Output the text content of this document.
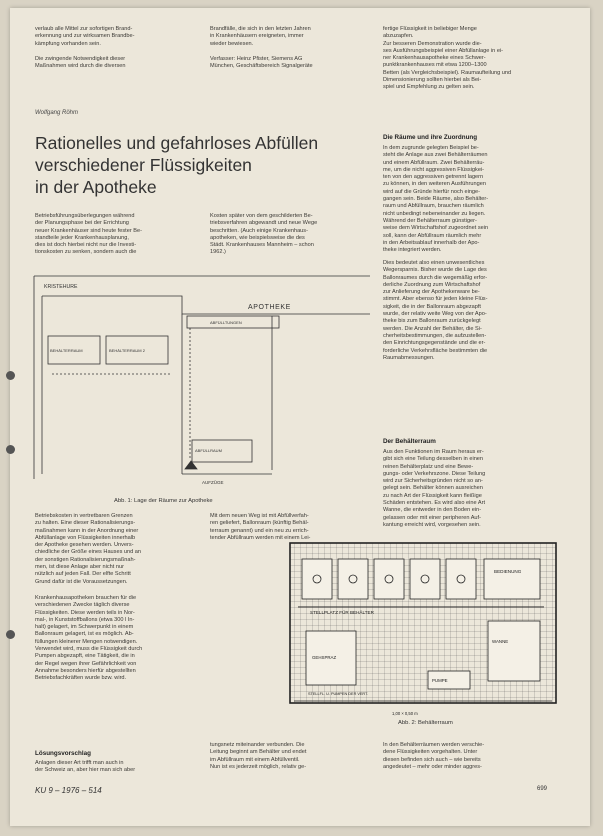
verlaub alle Mittel zur sofortigen Brand-
erkennung und zur wirksamen Brandbe-
kämpfung vorhanden sein.

Die zwingende Notwendigkeit dieser
Maßnahmen wird durch die diversen

Brandfälle, die sich in den letzten Jahren
in Krankenhäusern ereigneten, immer
wieder bewiesen.

Verfasser: Heinz Pfister, Siemens AG
München, Geschäftsbereich Signalgeräte

fertige Flüssigkeit in beliebiger Menge
abzuzapfen.
Zur besseren Demonstration wurde die-
ses Ausführungsbeispiel einer Abfüllanlage in ei-
ner Krankenhausapotheke eines Schwer-
punktkrankenhauses mit etwa 1200–1300
Betten (als Vergleichsbeispiel). Raumaufteilung und
Dimensionierung sollten hierbei als Bei-
spiel und Empfehlung zu gelten sein.

Wolfgang Röhm
Rationelles und gefahrloses Abfüllen
verschiedener Flüssigkeiten
in der Apotheke

Betriebsführungsüberlegungen während
der Planungsphase bei der Errichtung
neuer Krankenhäuser sind heute fester Be-
standteile jeder Krankenhausplanung,
dies ist doch hierbei nicht nur die Investi-
tionskosten zu senken, sondern auch die

Kosten später von dem geschilderten Be-
triebsverfahren abgewandt und neue Wege
beschritten. (Auch einige Krankenhaus-
apotheken, wie beispielsweise die des
Städt. Krankenhauses Mannheim – schon
1962.)

Die Räume und ihre Zuordnung

In dem zugrunde gelegten Beispiel be-
steht die Anlage aus zwei Behälterräumen
und einem Abfüllraum. Zwei Behälterräu-
me, um die nicht aggressiven Flüssigkei-
ten von den aggressiven getrennt lagern
zu können, in den weiteren Ausführungen
wird auf die Gründe hierfür noch einge-
gangen sein. Beide Räume, also Behälter-
raum und Abfüllraum, brauchen räumlich
nicht unbedingt nebeneinander zu liegen.
Während der Behälterraum günstiger-
weise dem Wirtschaftshof zugeordnet sein
soll, kann der Abfüllraum räumlich mehr
in den Arbeitsablauf innerhalb der Apo-
theke integriert werden.

Dies bedeutet also einen unwesentliches
Wegersparnis. Bisher wurde die Lage des
Ballonraumes durch die wegemäßig erfor-
derliche Zuordnung zum Wirtschaftshof
zur Anlieferung der Apothekenware be-
stimmt. Aber ebenso für jeden kleine Flüs-
sigkeit, die in der Ballonraum abgezapft
wurde, der relativ weite Weg von der Apo-
theke bis zum Ballonraum zurückgelegt
werden. Die Anzahl der Behälter, die Si-
cherheitsbestimmungen, die aufzustellen-
den Einrichtungsgegenstände und die er-
forderliche Verkehrsfläche bestimmten die
Raumabmessungen.

Der Behälterraum

Aus den Funktionen im Raum heraus er-
gibt sich eine Teilung desselben in einen
reinen Behälterplatz und eine Bewe-
gungs- oder Verkehrszone. Diese Teilung
wird zur Sicherheitsgründen nicht so an-
gelegt sein. Behälter können ausreichen
zu nach Art der Flüssigkeit kann fleißige
Schäden entstehen. Es wird also eine Art
Wanne, die entweder in den Boden ein-
gelassen oder mit einer peripheren Auf-
kantung erreicht wird, vorgesehen sein.

KRISTEHURE
APOTHEKE
BEHÄLTERRAUM	BEHÄLTERRAUM 2
ABFÜLLTUNGEN
ABFÜLLRAUM
AUFZÜGE
Abb. 1: Lage der Räume zur Apotheke

Betriebskosten in vertretbaren Grenzen
zu halten. Eine dieser Rationalisierungs-
maßnahmen kann in der Anordnung einer
Abfüllanlage von Flüssigkeiten innerhalb
der Apotheke gesehen werden. Unvers-
chiedliche der Größe eines Hauses und an
der sonstigen Rationalisierungsmaßnah-
men, ist diese Anlage aber nicht nur
nützlich auf jeden Fall. Der elfte Schritt
Grund dafür ist die Voraussetzungen.

Krankenhausapotheken brauchen für die
verschiedenen Zwecke täglich diverse
Flüssigkeiten. Diese werden teils in Nor-
mal-, in Kunststoffballons (etwa 300 l In-
halt) gelagert, im Schwerpunkt in einem
Ballonraum gelagert, ist es möglich. Ab-
füllungen kleinerer Mengen notwendigen.
Verwendet wird, muss die Flüssigkeit durch
Pumpen abgezapft, eine Tätigkeit, die in
der Regel wegen ihrer Gefährlichkeit von
Annahme besonders hierfür abgestellten
Betriebsfachkräften wurde bzw. wird.

Lösungsvorschlag

Anlagen dieser Art trifft man auch in
der Schweiz an, aber hier man sich aber

Mit dem neuen Weg ist mit Abfüllverfah-
ren geliefert, Ballonraum (künftig Behäl-
terraum genannt) und ein neu zu errich-
tender Abfüllraum werden mit einem Lei-

tungsnetz miteinander verbunden. Die
Leitung beginnt am Behälter und endet
im Abfüllraum mit einem Abfüllventil.
Nun ist es jederzeit möglich, relativ ge-

STELLPLATZ FÜR BEHÄLTER
BEDIENUNG
WANNE
GEHSPRAZ
PUMPE
STELLFL. U. PUMPEN DER VERT.
1,00 × 0,50 m
Abb. 2: Behälterraum

In den Behälterräumen werden verschie-
dene Flüssigkeiten vorgehalten. Unter
diesen befinden sich auch – wie bereits
angedeutet – mehr oder minder aggres-

KU 9 – 1976 – 514	699
